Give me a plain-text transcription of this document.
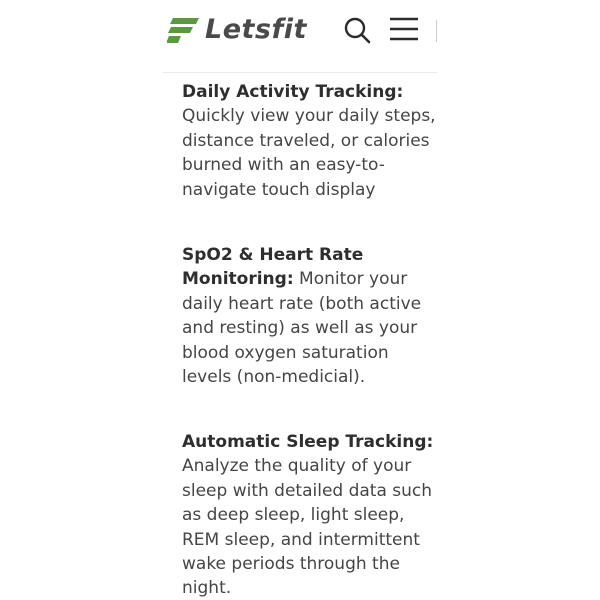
Letsfit

Daily Activity Tracking:
Quickly view your daily steps, distance traveled, or calories burned with an easy-to-navigate touch display

SpO2 & Heart Rate Monitoring: Monitor your daily heart rate (both active and resting) as well as your blood oxygen saturation levels (non-medicial).

Automatic Sleep Tracking:
Analyze the quality of your sleep with detailed data such as deep sleep, light sleep, REM sleep, and intermittent wake periods through the night.
